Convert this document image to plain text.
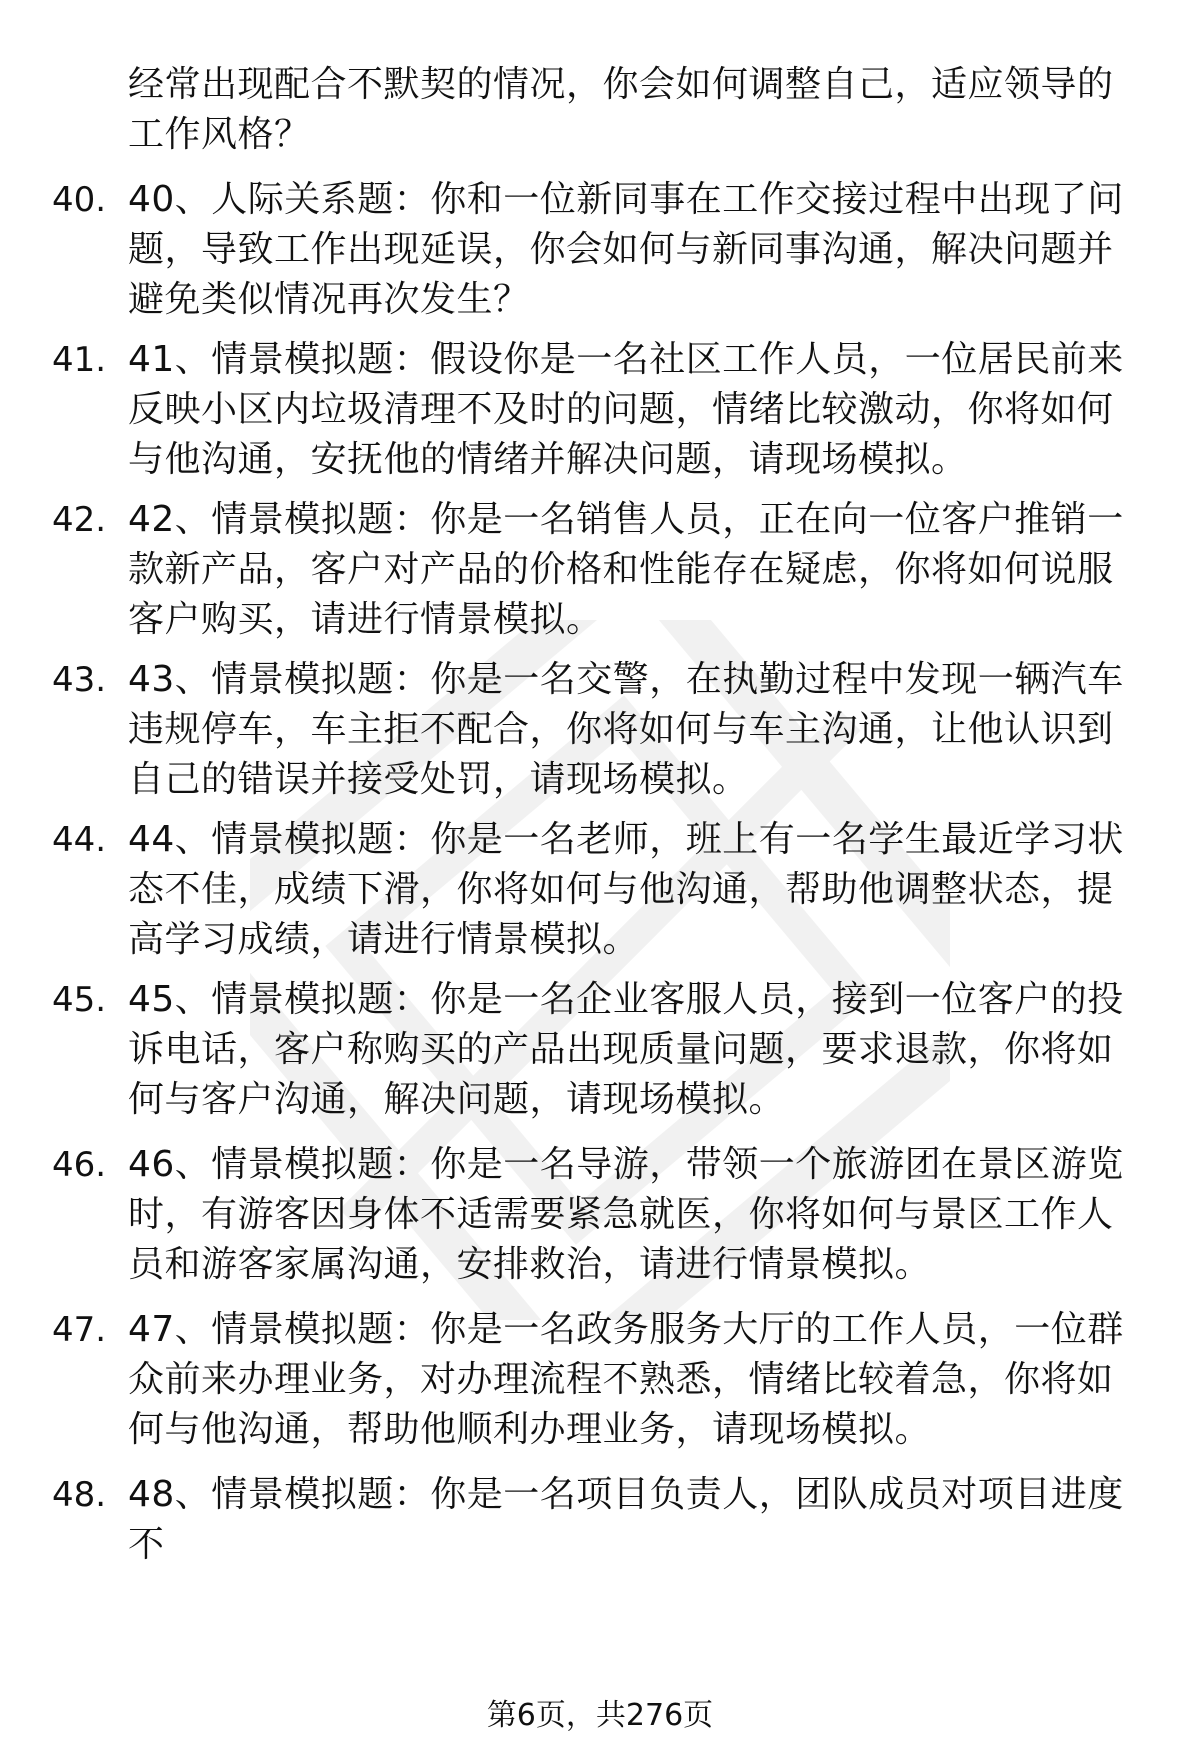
经常出现配合不默契的情况，你会如何调整自己，适应领导的工作风格？
40. 40、人际关系题：你和一位新同事在工作交接过程中出现了问题，导致工作出现延误，你会如何与新同事沟通，解决问题并避免类似情况再次发生？
41. 41、情景模拟题：假设你是一名社区工作人员，一位居民前来反映小区内垃圾清理不及时的问题，情绪比较激动，你将如何与他沟通，安抚他的情绪并解决问题，请现场模拟。
42. 42、情景模拟题：你是一名销售人员，正在向一位客户推销一款新产品，客户对产品的价格和性能存在疑虑，你将如何说服客户购买，请进行情景模拟。
43. 43、情景模拟题：你是一名交警，在执勤过程中发现一辆汽车违规停车，车主拒不配合，你将如何与车主沟通，让他认识到自己的错误并接受处罚，请现场模拟。
44. 44、情景模拟题：你是一名老师，班上有一名学生最近学习状态不佳，成绩下滑，你将如何与他沟通，帮助他调整状态，提高学习成绩，请进行情景模拟。
45. 45、情景模拟题：你是一名企业客服人员，接到一位客户的投诉电话，客户称购买的产品出现质量问题，要求退款，你将如何与客户沟通，解决问题，请现场模拟。
46. 46、情景模拟题：你是一名导游，带领一个旅游团在景区游览时，有游客因身体不适需要紧急就医，你将如何与景区工作人员和游客家属沟通，安排救治，请进行情景模拟。
47. 47、情景模拟题：你是一名政务服务大厅的工作人员，一位群众前来办理业务，对办理流程不熟悉，情绪比较着急，你将如何与他沟通，帮助他顺利办理业务，请现场模拟。
48. 48、情景模拟题：你是一名项目负责人，团队成员对项目进度不
第6页，共276页
